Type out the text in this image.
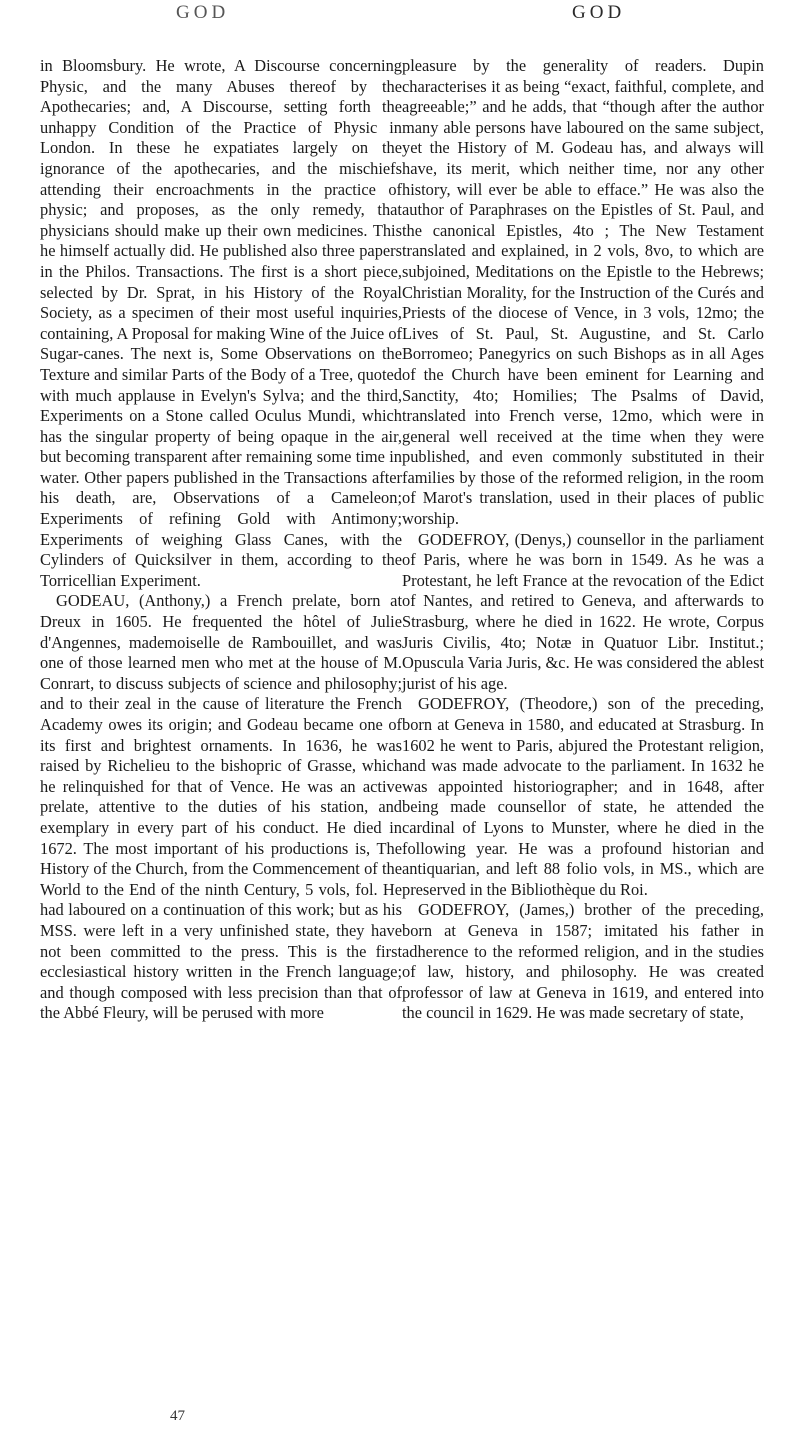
GOD	GOD

in Bloomsbury. He wrote, A Discourse concerning Physic, and the many Abuses thereof by the Apothecaries; and, A Discourse, setting forth the unhappy Condition of the Practice of Physic in London. In these he expatiates largely on the ignorance of the apothecaries, and the mischiefs attending their encroachments in the practice of physic; and proposes, as the only remedy, that physicians should make up their own medicines. This he himself actually did. He published also three papers in the Philos. Transactions. The first is a short piece, selected by Dr. Sprat, in his History of the Royal Society, as a specimen of their most useful inquiries, containing, A Proposal for making Wine of the Juice of Sugar-canes. The next is, Some Observations on the Texture and similar Parts of the Body of a Tree, quoted with much applause in Evelyn's Sylva; and the third, Experiments on a Stone called Oculus Mundi, which has the singular property of being opaque in the air, but becoming transparent after remaining some time in water. Other papers published in the Transactions after his death, are, Observations of a Cameleon; Experiments of refining Gold with Antimony; Experiments of weighing Glass Canes, with the Cylinders of Quicksilver in them, according to the Torricellian Experiment.

GODEAU, (Anthony,) a French prelate, born at Dreux in 1605. He frequented the hôtel of Julie d'Angennes, mademoiselle de Rambouillet, and was one of those learned men who met at the house of M. Conrart, to discuss subjects of science and philosophy; and to their zeal in the cause of literature the French Academy owes its origin; and Godeau became one of its first and brightest ornaments. In 1636, he was raised by Richelieu to the bishopric of Grasse, which he relinquished for that of Vence. He was an active prelate, attentive to the duties of his station, and exemplary in every part of his conduct. He died in 1672. The most important of his productions is, The History of the Church, from the Commencement of the World to the End of the ninth Century, 5 vols, fol. He had laboured on a continuation of this work; but as his MSS. were left in a very unfinished state, they have not been committed to the press. This is the first ecclesiastical history written in the French language; and though composed with less precision than that of the Abbé Fleury, will be perused with more

pleasure by the generality of readers. Dupin characterises it as being “exact, faithful, complete, and agreeable;” and he adds, that “though after the author many able persons have laboured on the same subject, yet the History of M. Godeau has, and always will have, its merit, which neither time, nor any other history, will ever be able to efface.” He was also the author of Paraphrases on the Epistles of St. Paul, and the canonical Epistles, 4to ; The New Testament translated and explained, in 2 vols, 8vo, to which are subjoined, Meditations on the Epistle to the Hebrews; Christian Morality, for the Instruction of the Curés and Priests of the diocese of Vence, in 3 vols, 12mo; the Lives of St. Paul, St. Augustine, and St. Carlo Borromeo; Panegyrics on such Bishops as in all Ages of the Church have been eminent for Learning and Sanctity, 4to; Homilies; The Psalms of David, translated into French verse, 12mo, which were in general well received at the time when they were published, and even commonly substituted in their families by those of the reformed religion, in the room of Marot's translation, used in their places of public worship.

GODEFROY, (Denys,) counsellor in the parliament of Paris, where he was born in 1549. As he was a Protestant, he left France at the revocation of the Edict of Nantes, and retired to Geneva, and afterwards to Strasburg, where he died in 1622. He wrote, Corpus Juris Civilis, 4to; Notæ in Quatuor Libr. Institut.; Opuscula Varia Juris, &c. He was considered the ablest jurist of his age.

GODEFROY, (Theodore,) son of the preceding, born at Geneva in 1580, and educated at Strasburg. In 1602 he went to Paris, abjured the Protestant religion, and was made advocate to the parliament. In 1632 he was appointed historiographer; and in 1648, after being made counsellor of state, he attended the cardinal of Lyons to Munster, where he died in the following year. He was a profound historian and antiquarian, and left 88 folio vols, in MS., which are preserved in the Bibliothèque du Roi.

GODEFROY, (James,) brother of the preceding, born at Geneva in 1587; imitated his father in adherence to the reformed religion, and in the studies of law, history, and philosophy. He was created professor of law at Geneva in 1619, and entered into the council in 1629. He was made secretary of state,

47
